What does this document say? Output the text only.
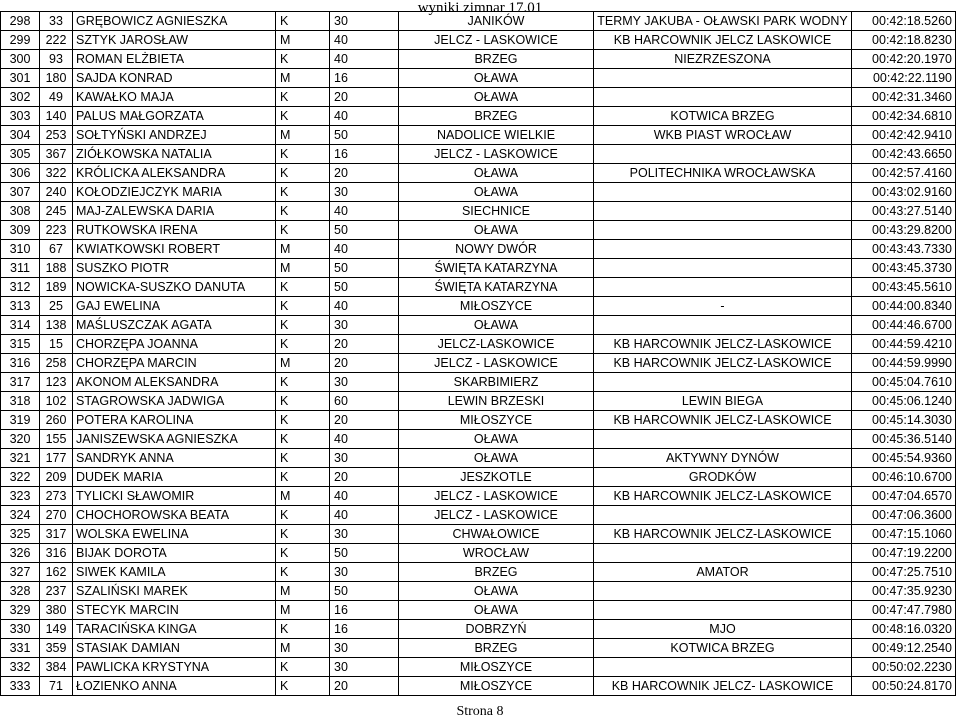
wyniki zimnar 17.01
298	33	GRĘBOWICZ AGNIESZKA	K	30	JANIKÓW	TERMY JAKUBA - OŁAWSKI PARK WODNY	00:42:18.5260
299	222	SZTYK JAROSŁAW	M	40	JELCZ - LASKOWICE	KB HARCOWNIK JELCZ LASKOWICE	00:42:18.8230
300	93	ROMAN ELŻBIETA	K	40	BRZEG	NIEZRZESZONA	00:42:20.1970
301	180	SAJDA KONRAD	M	16	OŁAWA		00:42:22.1190
302	49	KAWAŁKO MAJA	K	20	OŁAWA		00:42:31.3460
303	140	PALUS MAŁGORZATA	K	40	BRZEG	KOTWICA BRZEG	00:42:34.6810
304	253	SOŁTYŃSKI ANDRZEJ	M	50	NADOLICE WIELKIE	WKB PIAST WROCŁAW	00:42:42.9410
305	367	ZIÓŁKOWSKA NATALIA	K	16	JELCZ - LASKOWICE		00:42:43.6650
306	322	KRÓLICKA ALEKSANDRA	K	20	OŁAWA	POLITECHNIKA WROCŁAWSKA	00:42:57.4160
307	240	KOŁODZIEJCZYK MARIA	K	30	OŁAWA		00:43:02.9160
308	245	MAJ-ZALEWSKA DARIA	K	40	SIECHNICE		00:43:27.5140
309	223	RUTKOWSKA IRENA	K	50	OŁAWA		00:43:29.8200
310	67	KWIATKOWSKI ROBERT	M	40	NOWY DWÓR		00:43:43.7330
311	188	SUSZKO PIOTR	M	50	ŚWIĘTA KATARZYNA		00:43:45.3730
312	189	NOWICKA-SUSZKO DANUTA	K	50	ŚWIĘTA KATARZYNA		00:43:45.5610
313	25	GAJ EWELINA	K	40	MIŁOSZYCE	-	00:44:00.8340
314	138	MAŚLUSZCZAK AGATA	K	30	OŁAWA		00:44:46.6700
315	15	CHORZĘPA JOANNA	K	20	JELCZ-LASKOWICE	KB HARCOWNIK JELCZ-LASKOWICE	00:44:59.4210
316	258	CHORZĘPA MARCIN	M	20	JELCZ - LASKOWICE	KB HARCOWNIK JELCZ-LASKOWICE	00:44:59.9990
317	123	AKONOM ALEKSANDRA	K	30	SKARBIMIERZ		00:45:04.7610
318	102	STAGROWSKA JADWIGA	K	60	LEWIN BRZESKI	LEWIN BIEGA	00:45:06.1240
319	260	POTERA KAROLINA	K	20	MIŁOSZYCE	KB HARCOWNIK JELCZ-LASKOWICE	00:45:14.3030
320	155	JANISZEWSKA AGNIESZKA	K	40	OŁAWA		00:45:36.5140
321	177	SANDRYK ANNA	K	30	OŁAWA	AKTYWNY DYNÓW	00:45:54.9360
322	209	DUDEK MARIA	K	20	JESZKOTLE	GRODKÓW	00:46:10.6700
323	273	TYLICKI SŁAWOMIR	M	40	JELCZ - LASKOWICE	KB HARCOWNIK JELCZ-LASKOWICE	00:47:04.6570
324	270	CHOCHOROWSKA BEATA	K	40	JELCZ - LASKOWICE		00:47:06.3600
325	317	WOLSKA EWELINA	K	30	CHWAŁOWICE	KB HARCOWNIK JELCZ-LASKOWICE	00:47:15.1060
326	316	BIJAK DOROTA	K	50	WROCŁAW		00:47:19.2200
327	162	SIWEK KAMILA	K	30	BRZEG	AMATOR	00:47:25.7510
328	237	SZALIŃSKI MAREK	M	50	OŁAWA		00:47:35.9230
329	380	STECYK MARCIN	M	16	OŁAWA		00:47:47.7980
330	149	TARACIŃSKA KINGA	K	16	DOBRZYŃ	MJO	00:48:16.0320
331	359	STASIAK DAMIAN	M	30	BRZEG	KOTWICA BRZEG	00:49:12.2540
332	384	PAWLICKA KRYSTYNA	K	30	MIŁOSZYCE		00:50:02.2230
333	71	ŁOZIENKO ANNA	K	20	MIŁOSZYCE	KB HARCOWNIK JELCZ- LASKOWICE	00:50:24.8170
Strona 8
